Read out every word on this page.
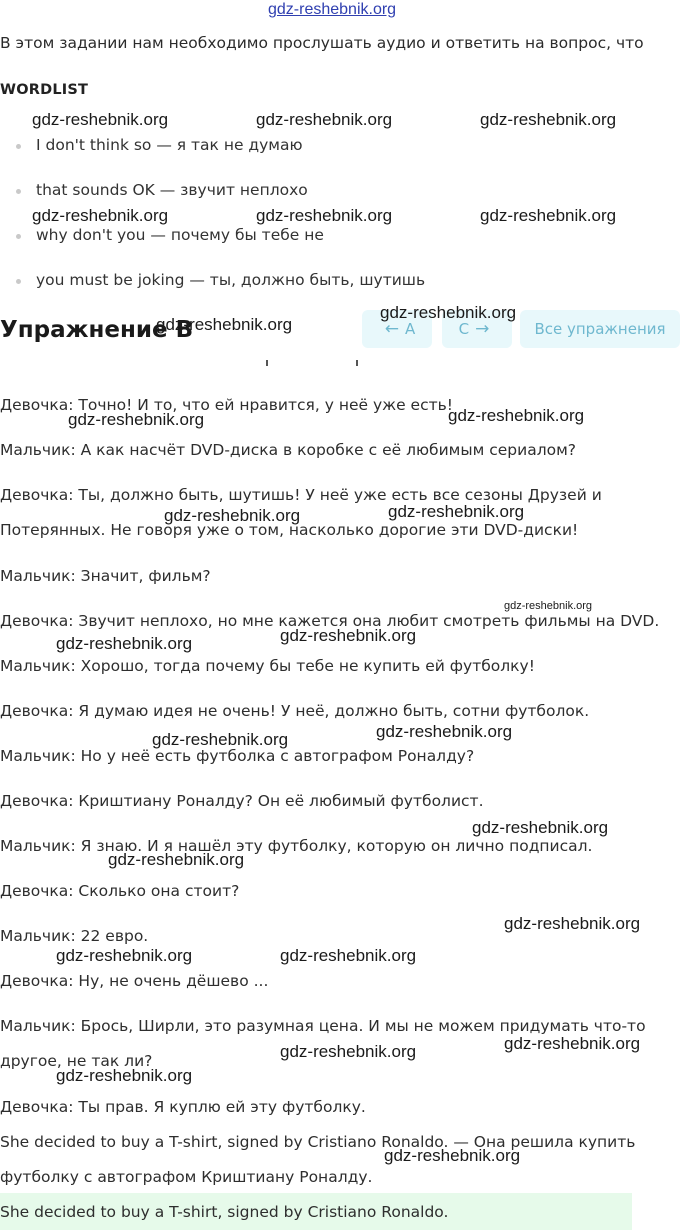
gdz-reshebnik.org
В этом задании нам необходимо прослушать аудио и ответить на вопрос, что
WORDLIST
I don't think so — я так не думаю
that sounds OK — звучит неплохо
why don't you — почему бы тебе не
you must be joking — ты, должно быть, шутишь
Упражнение B	← A	C →	Все упражнения
Девочка: Точно! И то, что ей нравится, у неё уже есть!
Мальчик: А как насчёт DVD-диска в коробке с её любимым сериалом?
Девочка: Ты, должно быть, шутишь! У неё уже есть все сезоны Друзей и
Потерянных. Не говоря уже о том, насколько дорогие эти DVD-диски!
Мальчик: Значит, фильм?
Девочка: Звучит неплохо, но мне кажется она любит смотреть фильмы на DVD.
Мальчик: Хорошо, тогда почему бы тебе не купить ей футболку!
Девочка: Я думаю идея не очень! У неё, должно быть, сотни футболок.
Мальчик: Но у неё есть футболка с автографом Роналду?
Девочка: Криштиану Роналду? Он её любимый футболист.
Мальчик: Я знаю. И я нашёл эту футболку, которую он лично подписал.
Девочка: Сколько она стоит?
Мальчик: 22 евро.
Девочка: Ну, не очень дёшево ...
Мальчик: Брось, Ширли, это разумная цена. И мы не можем придумать что-то
другое, не так ли?
Девочка: Ты прав. Я куплю ей эту футболку.
She decided to buy a T-shirt, signed by Cristiano Ronaldo. — Она решила купить
футболку с автографом Криштиану Роналду.
She decided to buy a T-shirt, signed by Cristiano Ronaldo.
gdz-reshebnik.org	gdz-reshebnik.org	gdz-reshebnik.org
gdz-reshebnik.org	gdz-reshebnik.org	gdz-reshebnik.org
gdz-reshebnik.org
gdz-reshebnik.org
gdz-reshebnik.org	gdz-reshebnik.org
gdz-reshebnik.org	gdz-reshebnik.org
gdz-reshebnik.org
gdz-reshebnik.org	gdz-reshebnik.org
gdz-reshebnik.org	gdz-reshebnik.org
gdz-reshebnik.org
gdz-reshebnik.org
gdz-reshebnik.org
gdz-reshebnik.org	gdz-reshebnik.org
gdz-reshebnik.org	gdz-reshebnik.org
gdz-reshebnik.org
gdz-reshebnik.org
